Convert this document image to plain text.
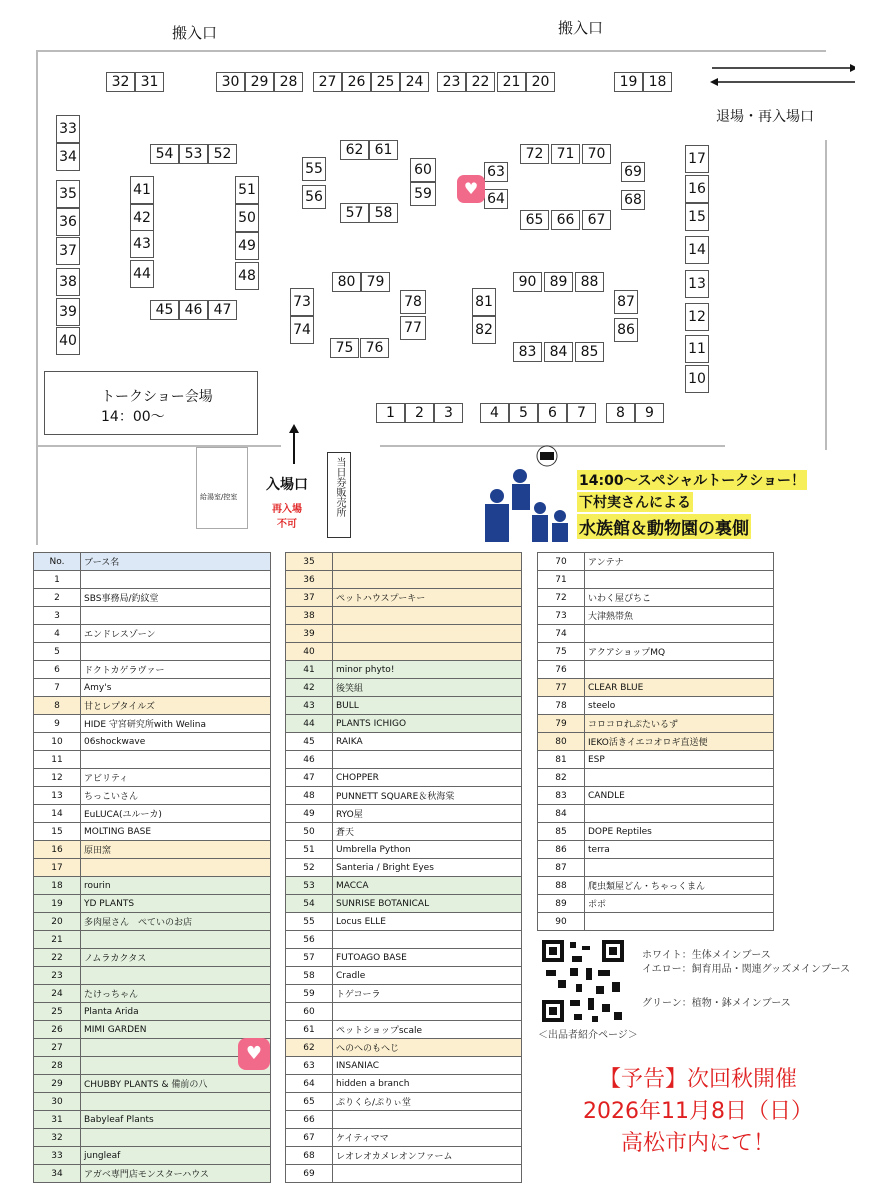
搬入口	搬入口
退場・再入場口
1	2	3	4	5	6	7	8	9
10
11
12
13
14
15
16
17
18
19
20
21
22
23
24
25
26
27
28
29
30
31
32
33
34
35
36
37
38
39
40
41
42
43
44
45 46 47
48
49
50
51
52
53
54
55
56
57 58
59
60
61
62
63
64
65 66 67
68
69
70
71
72
73
74
75 76
77
78
79
80
81
82
83 84 85
86
87
88
89
90
トークショー会場
14：00〜
給湯室/控室
入場口
再入場
不可
当日券販売所	14:00〜スペシャルトークショー！
下村実さんによる
水族館＆動物園の裏側
♥
No.	ブース名
1	
2	SBS事務局/釣紋堂
3	
4	エンドレスゾーン
5	
6	ドクトカゲラヴァー
7	Amy's
8	甘とレプタイルズ
9	HIDE 守宮研究所with Welina
10	06shockwave
11	
12	アビリティ
13	ちっこいさん
14	EuLUCA(ユルーカ)
15	MOLTING BASE
16	原田窯
17	
18	rourin
19	YD PLANTS
20	多肉屋さん　ぺていのお店
21	
22	ノムラカクタス
23	
24	たけっちゃん
25	Planta Arida
26	MIMI GARDEN
27	
28	
29	CHUBBY PLANTS & 備前の八
30	
31	Babyleaf Plants
32	
33	jungleaf
34	アガベ専門店モンスターハウス
35	
36	
37	ペットハウスプーキー
38	
39	
40	
41	minor phyto!
42	後笑組
43	BULL
44	PLANTS ICHIGO
45	RAIKA
46	
47	CHOPPER
48	PUNNETT SQUARE＆秋海棠
49	RYO屋
50	蒼天
51	Umbrella Python
52	Santeria / Bright Eyes
53	MACCA
54	SUNRISE BOTANICAL
55	Locus ELLE
56	
57	FUTOAGO BASE
58	Cradle
59	トゲコーラ
60	
61	ペットショップscale
62	へのへのもへじ
63	INSANIAC
64	hidden a branch
65	ぷりくら/ぷりぃ堂
66	
67	ケイティママ
68	レオレオカメレオンファーム
69	
70	アンテナ
71	
72	いわく屋ぴちこ
73	大津熱帯魚
74	
75	アクアショップMQ
76	
77	CLEAR BLUE
78	steelo
79	コロコロれぷたいるず
80	IEKO活きイエコオロギ直送便
81	ESP
82	
83	CANDLE
84	
85	DOPE Reptiles
86	terra
87	
88	爬虫類屋どん・ちゃっくまん
89	ポポ
90	
♥
ホワイト：生体メインブース
イエロー：飼育用品・関連グッズメインブース
グリーン：植物・鉢メインブース
＜出品者紹介ページ＞
【予告】次回秋開催
2026年11月8日（日）
高松市内にて！
